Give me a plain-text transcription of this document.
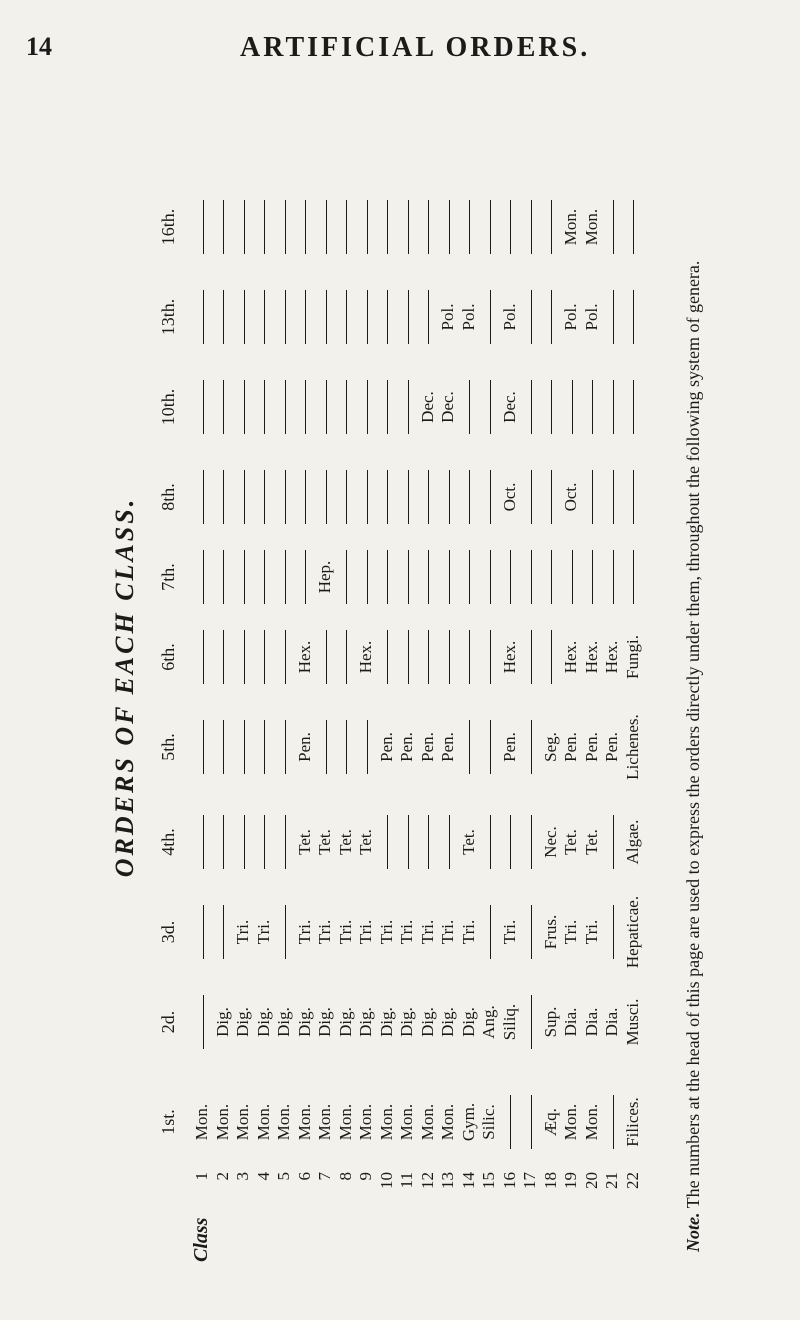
14	ARTIFICIAL ORDERS.
ORDERS OF EACH CLASS.
1st.
2d.
3d.
4th.
5th.
6th.
7th.
8th.
10th.
13th.
16th.
Class
1
Mon.
2
Mon.
Dig.
3
Mon.
Dig.
Tri.
4
Mon.
Dig.
Tri.
5
Mon.
Dig.
6
Mon.
Dig.
Tri.
Tet.
Pen.
Hex.
7
Mon.
Dig.
Tri.
Tet.
Hep.
8
Mon.
Dig.
Tri.
Tet.
9
Mon.
Dig.
Tri.
Tet.
Hex.
10
Mon.
Dig.
Tri.
Pen.
11
Mon.
Dig.
Tri.
Pen.
12
Mon.
Dig.
Tri.
Pen.
Dec.
13
Mon.
Dig.
Tri.
Pen.
Dec.
Pol.
14
Gym.
Dig.
Tri.
Tet.
Pol.
15
Silic.
Ang.
16
Siliq.
Tri.
Pen.
Hex.
Oct.
Dec.
Pol.
17 18
Æq.
Sup.
Frus.
Nec.
Seg.
19
Mon.
Dia.
Tri.
Tet.
Pen.
Hex.
Oct.
Pol.
Mon.
20
Mon.
Dia.
Tri.
Tet.
Pen.
Hex.
Pol.
Mon.
21
Dia.
Pen.
Hex.
22
Filices.
Musci.
Hepaticae.
Algae.
Lichenes.
Fungi.
Note. The numbers at the head of this page are used to express the orders directly under them, throughout the following system of genera.
